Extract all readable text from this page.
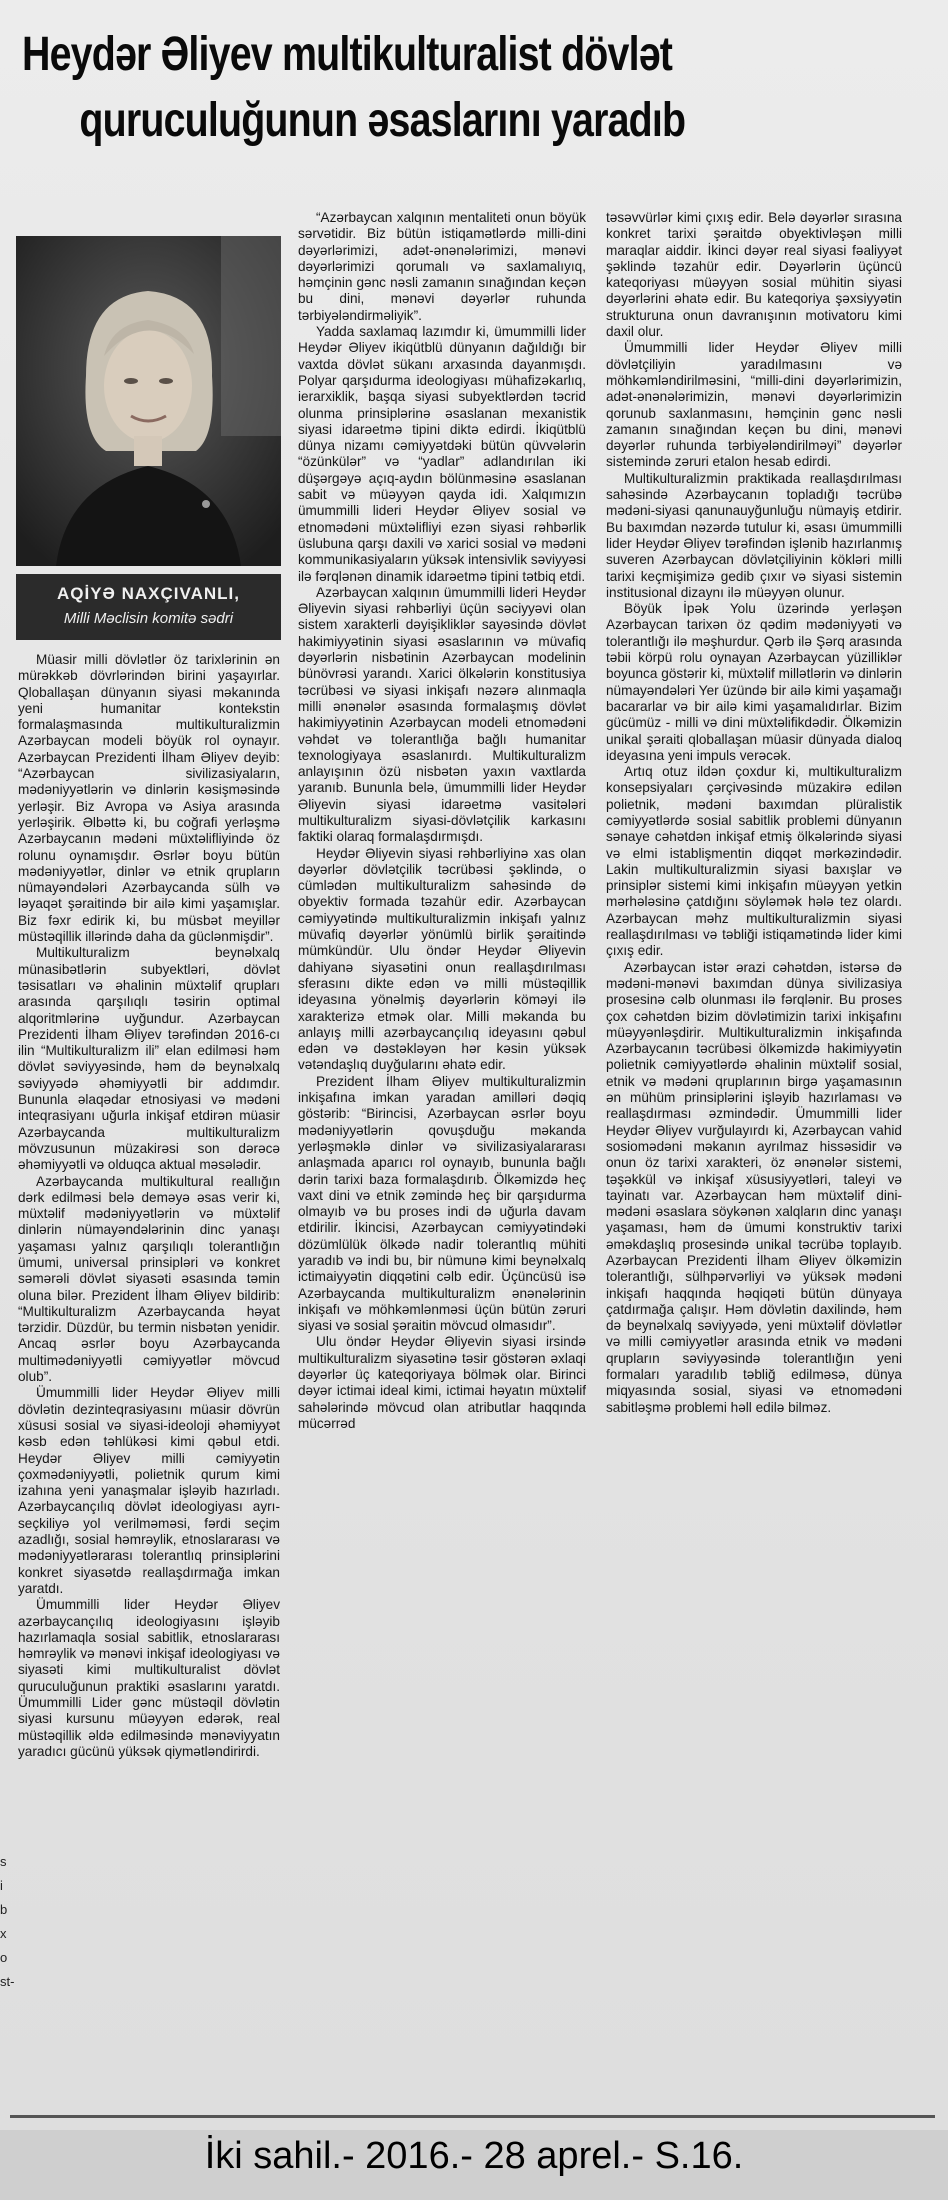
Heydər Əliyev multikulturalist dövlət
quruculuğunun əsaslarını yaradıb
AQİYƏ NAXÇIVANLI,
Milli Məclisin komitə sədri

Müasir milli dövlətlər öz tarixlərinin ən mürəkkəb dövrlərindən birini yaşayırlar. Qloballaşan dünyanın siyasi məkanında yeni humanitar kontekstin formalaşmasında multikulturalizmin Azərbaycan modeli böyük rol oynayır. Azərbaycan Prezidenti İlham Əliyev deyib: “Azərbaycan sivilizasiyaların, mədəniyyətlərin və dinlərin kəsişməsində yerləşir. Biz Avropa və Asiya arasında yerləşirik. Əlbəttə ki, bu coğrafi yerləşmə Azərbaycanın mədəni müxtəlifliyində öz rolunu oynamışdır. Əsrlər boyu bütün mədəniyyətlər, dinlər və etnik qrupların nümayəndələri Azərbaycanda sülh və ləyaqət şəraitində bir ailə kimi yaşamışlar. Biz fəxr edirik ki, bu müsbət meyillər müstəqillik illərində daha da güclənmişdir”.

Multikulturalizm beynəlxalq münasibətlərin subyektləri, dövlət təsisatları və əhalinin müxtəlif qrupları arasında qarşılıqlı təsirin optimal alqoritmlərinə uyğundur. Azərbaycan Prezidenti İlham Əliyev tərəfindən 2016-cı ilin “Multikulturalizm ili” elan edilməsi həm dövlət səviyyəsində, həm də beynəlxalq səviyyədə əhəmiyyətli bir addımdır. Bununla əlaqədar etnosiyasi və mədəni inteqrasiyanı uğurla inkişaf etdirən müasir Azərbaycanda multikulturalizm mövzusunun müzakirəsi son dərəcə əhəmiyyətli və olduqca aktual məsələdir.

Azərbaycanda multikultural reallığın dərk edilməsi belə deməyə əsas verir ki, müxtəlif mədəniyyətlərin və müxtəlif dinlərin nümayəndələrinin dinc yanaşı yaşaması yalnız qarşılıqlı tolerantlığın ümumi, universal prinsipləri və konkret səmərəli dövlət siyasəti əsasında təmin oluna bilər. Prezident İlham Əliyev bildirib: “Multikulturalizm Azərbaycanda həyat tərzidir. Düzdür, bu termin nisbətən yenidir. Ancaq əsrlər boyu Azərbaycanda multimədəniyyətli cəmiyyətlər mövcud olub”.

Ümummilli lider Heydər Əliyev milli dövlətin dezinteqrasiyasını müasir dövrün xüsusi sosial və siyasi-ideoloji əhəmiyyət kəsb edən təhlükəsi kimi qəbul etdi. Heydər Əliyev milli cəmiyyətin çoxmədəniyyətli, polietnik qurum kimi izahına yeni yanaşmalar işləyib hazırladı. Azərbaycançılıq dövlət ideologiyası ayrı-seçkiliyə yol verilməməsi, fərdi seçim azadlığı, sosial həmrəylik, etnoslararası və mədəniyyətlərarası tolerantlıq prinsiplərini konkret siyasətdə reallaşdırmağa imkan yaratdı.

Ümummilli lider Heydər Əliyev azərbaycançılıq ideologiyasını işləyib hazırlamaqla sosial sabitlik, etnoslararası həmrəylik və mənəvi inkişaf ideologiyası və siyasəti kimi multikulturalist dövlət quruculuğunun praktiki əsaslarını yaratdı. Ümummilli Lider gənc müstəqil dövlətin siyasi kursunu müəyyən edərək, real müstəqillik əldə edilməsində mənəviyyatın yaradıcı gücünü yüksək qiymətləndirirdi.

“Azərbaycan xalqının mentaliteti onun böyük sərvətidir. Biz bütün istiqamətlərdə milli-dini dəyərlərimizi, adət-ənənələrimizi, mənəvi dəyərlərimizi qorumalı və saxlamalıyıq, həmçinin gənc nəsli zamanın sınağından keçən bu dini, mənəvi dəyərlər ruhunda tərbiyələndirməliyik”.

Yadda saxlamaq lazımdır ki, ümummilli lider Heydər Əliyev ikiqütblü dünyanın dağıldığı bir vaxtda dövlət sükanı arxasında dayanmışdı. Polyar qarşıdurma ideologiyası mühafizəkarlıq, ierarxiklik, başqa siyasi subyektlərdən təcrid olunma prinsiplərinə əsaslanan mexanistik siyasi idarəetmə tipini diktə edirdi. İkiqütblü dünya nizamı cəmiyyətdəki bütün qüvvələrin “özünkülər” və “yadlar” adlandırılan iki düşərgəyə açıq-aydın bölünməsinə əsaslanan sabit və müəyyən qayda idi. Xalqımızın ümummilli lideri Heydər Əliyev sosial və etnomədəni müxtəlifliyi ezən siyasi rəhbərlik üslubuna qarşı daxili və xarici sosial və mədəni kommunikasiyaların yüksək intensivlik səviyyəsi ilə fərqlənən dinamik idarəetmə tipini tətbiq etdi.

Azərbaycan xalqının ümummilli lideri Heydər Əliyevin siyasi rəhbərliyi üçün səciyyəvi olan sistem xarakterli dəyişikliklər sayəsində dövlət hakimiyyətinin siyasi əsaslarının və müvafiq dəyərlərin nisbətinin Azərbaycan modelinin bünövrəsi yarandı. Xarici ölkələrin konstitusiya təcrübəsi və siyasi inkişafı nəzərə alınmaqla milli ənənələr əsasında formalaşmış dövlət hakimiyyətinin Azərbaycan modeli etnomədəni vəhdət və tolerantlığa bağlı humanitar texnologiyaya əsaslanırdı. Multikulturalizm anlayışının özü nisbətən yaxın vaxtlarda yaranıb. Bununla belə, ümummilli lider Heydər Əliyevin siyasi idarəetmə vasitələri multikulturalizm siyasi-dövlətçilik karkasını faktiki olaraq formalaşdırmışdı.

Heydər Əliyevin siyasi rəhbərliyinə xas olan dəyərlər dövlətçilik təcrübəsi şəklində, o cümlədən multikulturalizm sahəsində də obyektiv formada təzahür edir. Azərbaycan cəmiyyətində multikulturalizmin inkişafı yalnız müvafiq dəyərlər yönümlü birlik şəraitində mümkündür. Ulu öndər Heydər Əliyevin dahiyanə siyasətini onun reallaşdırılması sferasını dikte edən və milli müstəqillik ideyasına yönəlmiş dəyərlərin köməyi ilə xarakterizə etmək olar. Milli məkanda bu anlayış milli azərbaycançılıq ideyasını qəbul edən və dəstəkləyən hər kəsin yüksək vətəndaşlıq duyğularını əhatə edir.

Prezident İlham Əliyev multikulturalizmin inkişafına imkan yaradan amilləri dəqiq göstərib: “Birincisi, Azərbaycan əsrlər boyu mədəniyyətlərin qovuşduğu məkanda yerləşməklə dinlər və sivilizasiyalararası anlaşmada aparıcı rol oynayıb, bununla bağlı dərin tarixi baza formalaşdırıb. Ölkəmizdə heç vaxt dini və etnik zəmində heç bir qarşıdurma olmayıb və bu proses indi də uğurla davam etdirilir. İkincisi, Azərbaycan cəmiyyətindəki dözümlülük ölkədə nadir tolerantlıq mühiti yaradıb və indi bu, bir nümunə kimi beynəlxalq ictimaiyyətin diqqətini cəlb edir. Üçüncüsü isə Azərbaycanda multikulturalizm ənənələrinin inkişafı və möhkəmlənməsi üçün bütün zəruri siyasi və sosial şəraitin mövcud olmasıdır”.

Ulu öndər Heydər Əliyevin siyasi irsində multikulturalizm siyasətinə təsir göstərən əxlaqi dəyərlər üç kateqoriyaya bölmək olar. Birinci dəyər ictimai ideal kimi, ictimai həyatın müxtəlif sahələrində mövcud olan atributlar haqqında mücərrəd

təsəvvürlər kimi çıxış edir. Belə dəyərlər sırasına konkret tarixi şəraitdə obyektivləşən milli maraqlar aiddir. İkinci dəyər real siyasi fəaliyyət şəklində təzahür edir. Dəyərlərin üçüncü kateqoriyası müəyyən sosial mühitin siyasi dəyərlərini əhatə edir. Bu kateqoriya şəxsiyyətin strukturuna onun davranışının motivatoru kimi daxil olur.

Ümummilli lider Heydər Əliyev milli dövlətçiliyin yaradılmasını və möhkəmləndirilməsini, “milli-dini dəyərlərimizin, adət-ənənələrimizin, mənəvi dəyərlərimizin qorunub saxlanmasını, həmçinin gənc nəsli zamanın sınağından keçən bu dini, mənəvi dəyərlər ruhunda tərbiyələndirilməyi” dəyərlər sistemində zəruri etalon hesab edirdi.

Multikulturalizmin praktikada reallaşdırılması sahəsində Azərbaycanın topladığı təcrübə mədəni-siyasi qanunauyğunluğu nümayiş etdirir. Bu baxımdan nəzərdə tutulur ki, əsası ümummilli lider Heydər Əliyev tərəfindən işlənib hazırlanmış suveren Azərbaycan dövlətçiliyinin kökləri milli tarixi keçmişimizə gedib çıxır və siyasi sistemin institusional dizaynı ilə müəyyən olunur.

Böyük İpək Yolu üzərində yerləşən Azərbaycan tarixən öz qədim mədəniyyəti və tolerantlığı ilə məşhurdur. Qərb ilə Şərq arasında təbii körpü rolu oynayan Azərbaycan yüzilliklər boyunca göstərir ki, müxtəlif millətlərin və dinlərin nümayəndələri Yer üzündə bir ailə kimi yaşamağı bacararlar və bir ailə kimi yaşamalıdırlar. Bizim gücümüz - milli və dini müxtəlifikdədir. Ölkəmizin unikal şəraiti qloballaşan müasir dünyada dialoq ideyasına yeni impuls verəcək.

Artıq otuz ildən çoxdur ki, multikulturalizm konsepsiyaları çərçivəsində müzakirə edilən polietnik, mədəni baxımdan plüralistik cəmiyyətlərdə sosial sabitlik problemi dünyanın sənaye cəhətdən inkişaf etmiş ölkələrində siyasi və elmi istablişmentin diqqət mərkəzindədir. Lakin multikulturalizmin siyasi baxışlar və prinsiplər sistemi kimi inkişafın müəyyən yetkin mərhələsinə çatdığını söyləmək hələ tez olardı. Azərbaycan məhz multikulturalizmin siyasi reallaşdırılması və təbliği istiqamətində lider kimi çıxış edir.

Azərbaycan istər ərazi cəhətdən, istərsə də mədəni-mənəvi baxımdan dünya sivilizasiya prosesinə cəlb olunması ilə fərqlənir. Bu proses çox cəhətdən bizim dövlətimizin tarixi inkişafını müəyyənləşdirir. Multikulturalizmin inkişafında Azərbaycanın təcrübəsi ölkəmizdə hakimiyyətin polietnik cəmiyyətlərdə əhalinin müxtəlif sosial, etnik və mədəni qruplarının birgə yaşamasının ən mühüm prinsiplərini işləyib hazırlaması və reallaşdırması əzmindədir. Ümummilli lider Heydər Əliyev vurğulayırdı ki, Azərbaycan vahid sosiomədəni məkanın ayrılmaz hissəsidir və onun öz tarixi xarakteri, öz ənənələr sistemi, təşəkkül və inkişaf xüsusiyyətləri, taleyi və tayinatı var. Azərbaycan həm müxtəlif dini-mədəni əsaslara söykənən xalqların dinc yanaşı yaşaması, həm də ümumi konstruktiv tarixi əməkdaşlıq prosesində unikal təcrübə toplayıb. Azərbaycan Prezidenti İlham Əliyev ölkəmizin tolerantlığı, sülhpərvərliyi və yüksək mədəni inkişafı haqqında həqiqəti bütün dünyaya çatdırmağa çalışır. Həm dövlətin daxilində, həm də beynəlxalq səviyyədə, yeni müxtəlif dövlətlər və milli cəmiyyətlər arasında etnik və mədəni qrupların səviyyəsində tolerantlığın yeni formaları yaradılıb təbliğ edilməsə, dünya miqyasında sosial, siyasi və etnomədəni sabitləşmə problemi həll edilə bilməz.

s
i
b
x
o
st-
İki sahil.- 2016.- 28 aprel.- S.16.
